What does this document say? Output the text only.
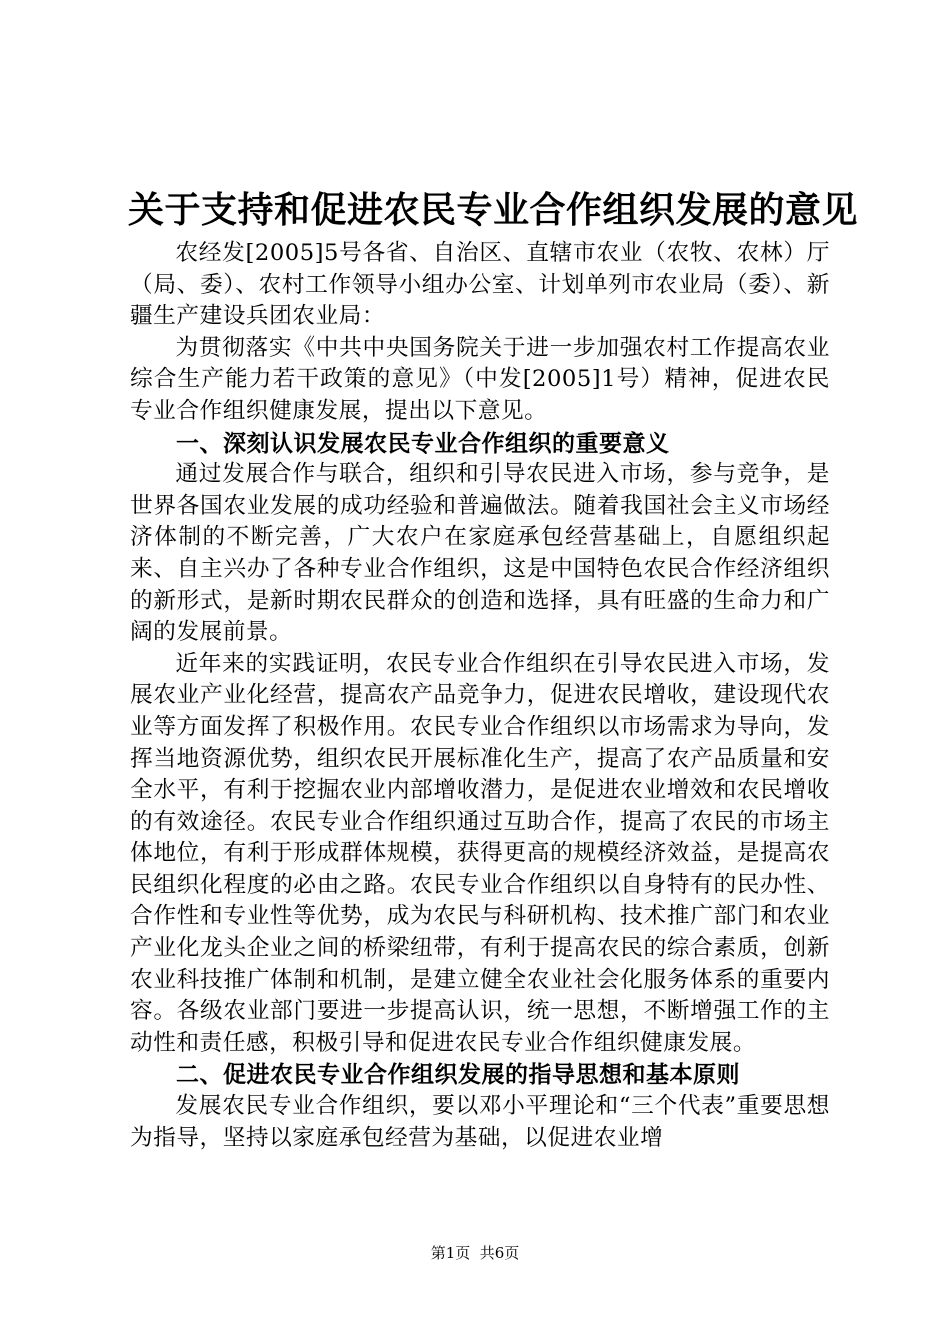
关于支持和促进农民专业合作组织发展的意见

农经发[2005]5号各省、自治区、直辖市农业（农牧、农林）厅（局、委）、农村工作领导小组办公室、计划单列市农业局（委）、新疆生产建设兵团农业局：

为贯彻落实《中共中央国务院关于进一步加强农村工作提高农业综合生产能力若干政策的意见》（中发[2005]1号）精神，促进农民专业合作组织健康发展，提出以下意见。

一、深刻认识发展农民专业合作组织的重要意义

通过发展合作与联合，组织和引导农民进入市场，参与竞争，是世界各国农业发展的成功经验和普遍做法。随着我国社会主义市场经济体制的不断完善，广大农户在家庭承包经营基础上，自愿组织起来、自主兴办了各种专业合作组织，这是中国特色农民合作经济组织的新形式，是新时期农民群众的创造和选择，具有旺盛的生命力和广阔的发展前景。

近年来的实践证明，农民专业合作组织在引导农民进入市场，发展农业产业化经营，提高农产品竞争力，促进农民增收，建设现代农业等方面发挥了积极作用。农民专业合作组织以市场需求为导向，发挥当地资源优势，组织农民开展标准化生产，提高了农产品质量和安全水平，有利于挖掘农业内部增收潜力，是促进农业增效和农民增收的有效途径。农民专业合作组织通过互助合作，提高了农民的市场主体地位，有利于形成群体规模，获得更高的规模经济效益，是提高农民组织化程度的必由之路。农民专业合作组织以自身特有的民办性、合作性和专业性等优势，成为农民与科研机构、技术推广部门和农业产业化龙头企业之间的桥梁纽带，有利于提高农民的综合素质，创新农业科技推广体制和机制，是建立健全农业社会化服务体系的重要内容。各级农业部门要进一步提高认识，统一思想，不断增强工作的主动性和责任感，积极引导和促进农民专业合作组织健康发展。

二、促进农民专业合作组织发展的指导思想和基本原则

发展农民专业合作组织，要以邓小平理论和“三个代表”重要思想为指导，坚持以家庭承包经营为基础，以促进农业增

第1页  共6页
